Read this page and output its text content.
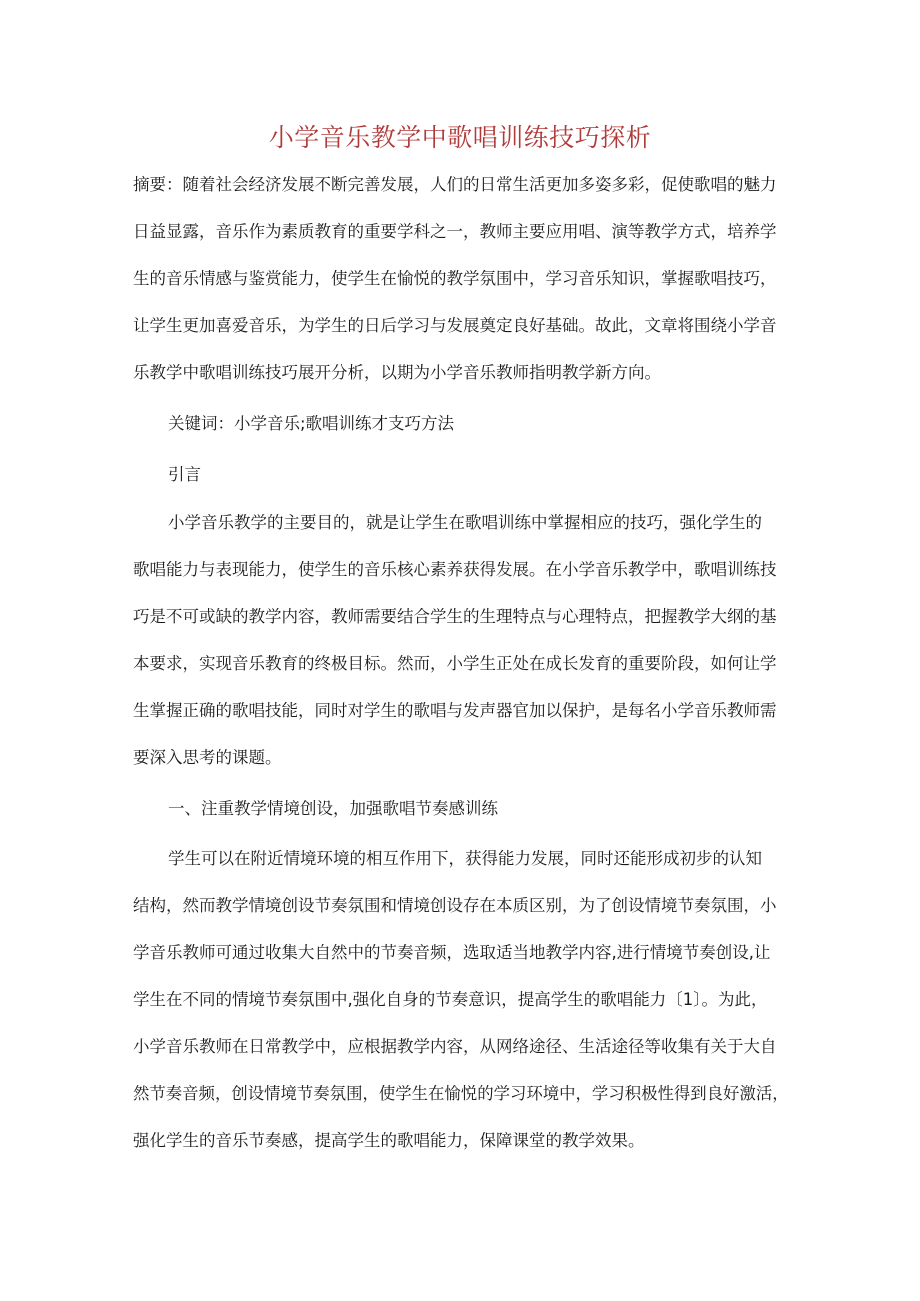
小学音乐教学中歌唱训练技巧探析

摘要：随着社会经济发展不断完善发展，人们的日常生活更加多姿多彩，促使歌唱的魅力

日益显露，音乐作为素质教育的重要学科之一，教师主要应用唱、演等教学方式，培养学

生的音乐情感与鉴赏能力，使学生在愉悦的教学氛围中，学习音乐知识，掌握歌唱技巧，

让学生更加喜爱音乐，为学生的日后学习与发展奠定良好基础。故此，文章将围绕小学音

乐教学中歌唱训练技巧展开分析，以期为小学音乐教师指明教学新方向。

关键词：小学音乐;歌唱训练才支巧方法

引言

小学音乐教学的主要目的，就是让学生在歌唱训练中掌握相应的技巧，强化学生的

歌唱能力与表现能力，使学生的音乐核心素养获得发展。在小学音乐教学中，歌唱训练技

巧是不可或缺的教学内容，教师需要结合学生的生理特点与心理特点，把握教学大纲的基

本要求，实现音乐教育的终极目标。然而，小学生正处在成长发育的重要阶段，如何让学

生掌握正确的歌唱技能，同时对学生的歌唱与发声器官加以保护，是每名小学音乐教师需

要深入思考的课题。

一、注重教学情境创设，加强歌唱节奏感训练

学生可以在附近情境环境的相互作用下，获得能力发展，同时还能形成初步的认知

结构，然而教学情境创设节奏氛围和情境创设存在本质区别，为了创设情境节奏氛围，小

学音乐教师可通过收集大自然中的节奏音频，选取适当地教学内容,进行情境节奏创设,让

学生在不同的情境节奏氛围中,强化自身的节奏意识，提高学生的歌唱能力〔1〕。为此，

小学音乐教师在日常教学中，应根据教学内容，从网络途径、生活途径等收集有关于大自

然节奏音频，创设情境节奏氛围，使学生在愉悦的学习环境中，学习积极性得到良好激活，

强化学生的音乐节奏感，提高学生的歌唱能力，保障课堂的教学效果。
